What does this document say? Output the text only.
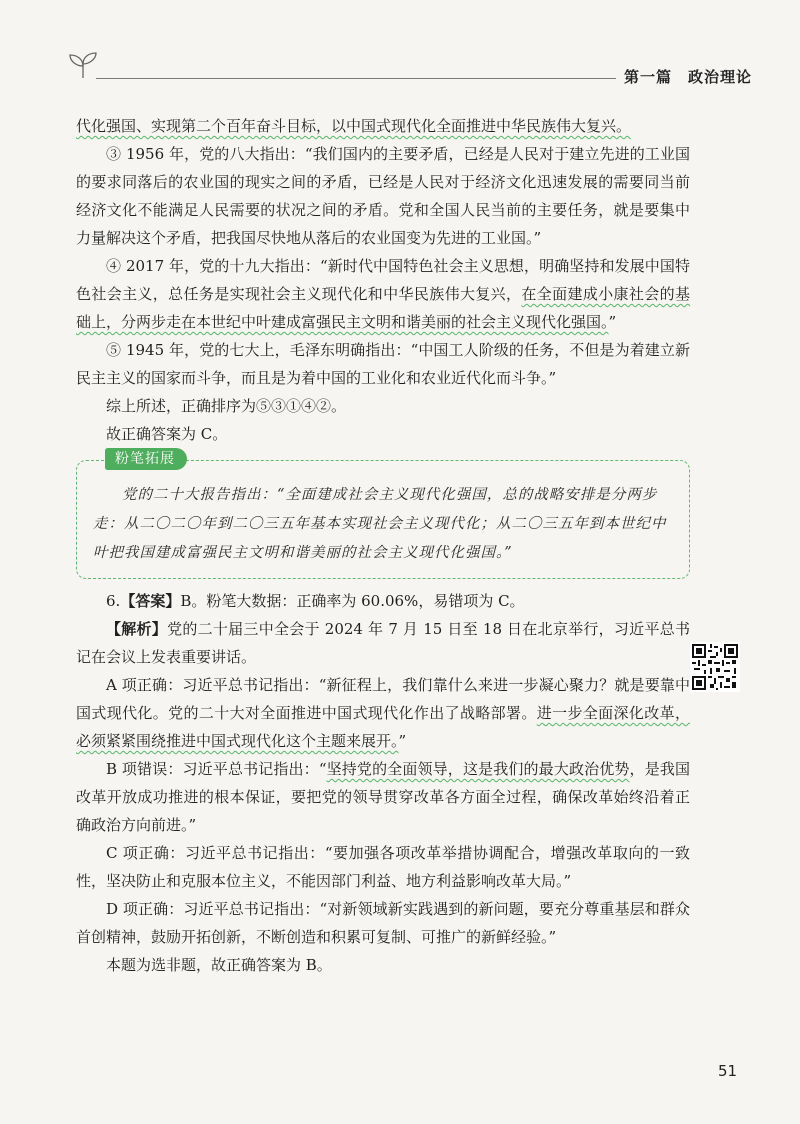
第一篇　政治理论

代化强国、实现第二个百年奋斗目标，以中国式现代化全面推进中华民族伟大复兴。

③ 1956 年，党的八大指出：“我们国内的主要矛盾，已经是人民对于建立先进的工业国的要求同落后的农业国的现实之间的矛盾，已经是人民对于经济文化迅速发展的需要同当前经济文化不能满足人民需要的状况之间的矛盾。党和全国人民当前的主要任务，就是要集中力量解决这个矛盾，把我国尽快地从落后的农业国变为先进的工业国。”

④ 2017 年，党的十九大指出：“新时代中国特色社会主义思想，明确坚持和发展中国特色社会主义，总任务是实现社会主义现代化和中华民族伟大复兴，在全面建成小康社会的基础上，分两步走在本世纪中叶建成富强民主文明和谐美丽的社会主义现代化强国。”

⑤ 1945 年，党的七大上，毛泽东明确指出：“中国工人阶级的任务，不但是为着建立新民主主义的国家而斗争，而且是为着中国的工业化和农业近代化而斗争。”

综上所述，正确排序为⑤③①④②。

故正确答案为 C。

粉笔拓展
党的二十大报告指出：“全面建成社会主义现代化强国，总的战略安排是分两步走：从二〇二〇年到二〇三五年基本实现社会主义现代化；从二〇三五年到本世纪中叶把我国建成富强民主文明和谐美丽的社会主义现代化强国。”

6.【答案】B。粉笔大数据：正确率为 60.06%，易错项为 C。

【解析】党的二十届三中全会于 2024 年 7 月 15 日至 18 日在北京举行，习近平总书记在会议上发表重要讲话。

A 项正确：习近平总书记指出：“新征程上，我们靠什么来进一步凝心聚力？就是要靠中国式现代化。党的二十大对全面推进中国式现代化作出了战略部署。进一步全面深化改革，必须紧紧围绕推进中国式现代化这个主题来展开。”

B 项错误：习近平总书记指出：“坚持党的全面领导，这是我们的最大政治优势，是我国改革开放成功推进的根本保证，要把党的领导贯穿改革各方面全过程，确保改革始终沿着正确政治方向前进。”

C 项正确：习近平总书记指出：“要加强各项改革举措协调配合，增强改革取向的一致性，坚决防止和克服本位主义，不能因部门利益、地方利益影响改革大局。”

D 项正确：习近平总书记指出：“对新领域新实践遇到的新问题，要充分尊重基层和群众首创精神，鼓励开拓创新，不断创造和积累可复制、可推广的新鲜经验。”

本题为选非题，故正确答案为 B。

51
